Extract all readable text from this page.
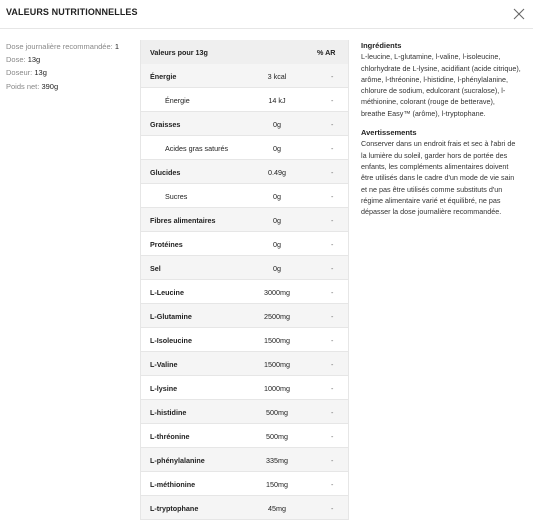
VALEURS NUTRITIONNELLES
Dose journalière recommandée: 1
Dose: 13g
Doseur: 13g
Poids net: 390g
Valeurs pour 13g	% AR
Énergie	3 kcal	-
Énergie	14 kJ	-
Graisses	0g	-
Acides gras saturés	0g	-
Glucides	0.49g	-
Sucres	0g	-
Fibres alimentaires	0g	-
Protéines	0g	-
Sel	0g	-
L-Leucine	3000mg	-
L-Glutamine	2500mg	-
L-Isoleucine	1500mg	-
L-Valine	1500mg	-
L-lysine	1000mg	-
L-histidine	500mg	-
L-thréonine	500mg	-
L-phénylalanine	335mg	-
L-méthionine	150mg	-
L-tryptophane	45mg	-
Ingrédients

L-leucine, L-glutamine, l-valine, l-isoleucine, chlorhydrate de L-lysine, acidifiant (acide citrique), arôme, l-thréonine, l-histidine, l-phénylalanine, chlorure de sodium, edulcorant (sucralose), l-méthionine, colorant (rouge de betterave), breathe Easy™ (arôme), l-tryptophane.

Avertissements

Conserver dans un endroit frais et sec à l'abri de la lumière du soleil, garder hors de portée des enfants, les compléments alimentaires doivent être utilisés dans le cadre d'un mode de vie sain et ne pas être utilisés comme substituts d'un régime alimentaire varié et équilibré, ne pas dépasser la dose journalière recommandée.
